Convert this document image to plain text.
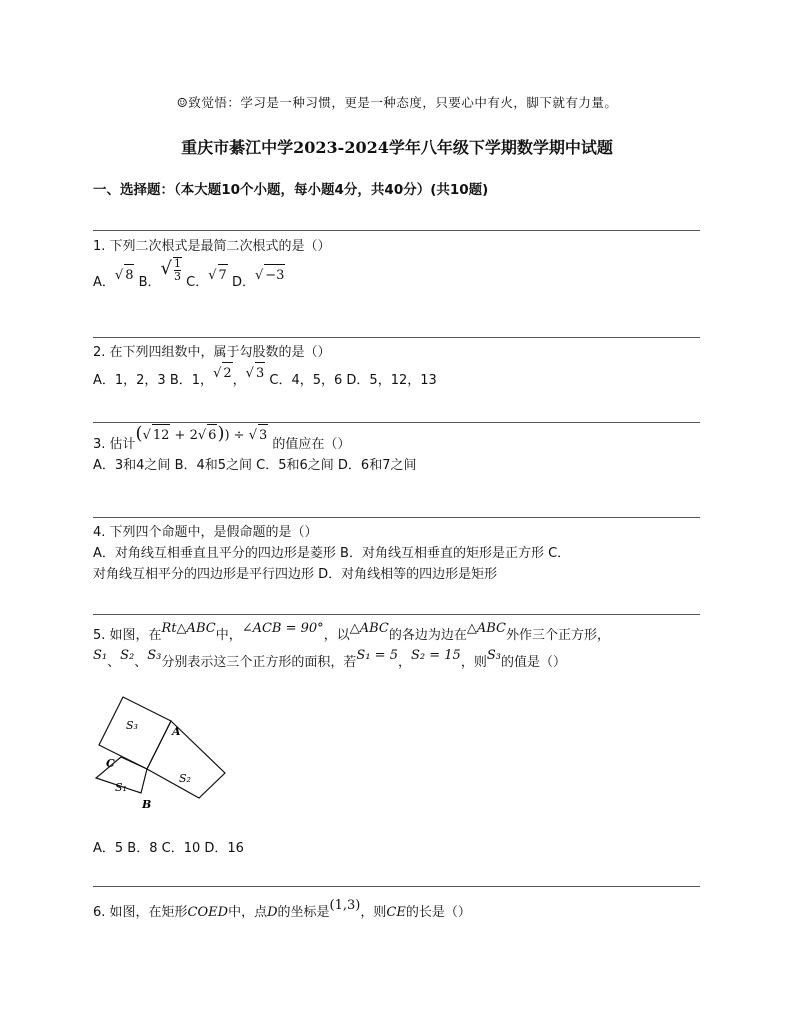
☺致觉悟：学习是一种习惯，更是一种态度，只要心中有火，脚下就有力量。
重庆市綦江中学2023-2024学年八年级下学期数学期中试题
一、选择题：（本大题10个小题，每小题4分，共40分）(共10题)
1. 下列二次根式是最简二次根式的是（）
A．√ 8 B．√ $\frac{1}{3}$ C．√ 7 D．√ −3
2. 在下列四组数中，属于勾股数的是（）
A．1，2，3 B．1，√ 2，√ 3 C．4，5，6 D．5，12，13
3. 估计(√ 12 + 2√ 6)) ÷ √ 3 的值应在（）
A．3和4之间 B．4和5之间 C．5和6之间 D．6和7之间
4. 下列四个命题中，是假命题的是（）
A．对角线互相垂直且平分的四边形是菱形 B．对角线互相垂直的矩形是正方形 C．
对角线互相平分的四边形是平行四边形 D．对角线相等的四边形是矩形
5. 如图，在Rt△ABC中，∠ACB = 90°，以△ABC的各边为边在△ABC外作三个正方形，
S₁、S₂、S₃分别表示这三个正方形的面积，若S₁ = 5，S₂ = 15，则S₃的值是（）
S₃	A
C
S₂
S₁
B
A．5 B．8 C．10 D．16
6. 如图，在矩形COED中，点D的坐标是(1,3)，则CE的长是（）
